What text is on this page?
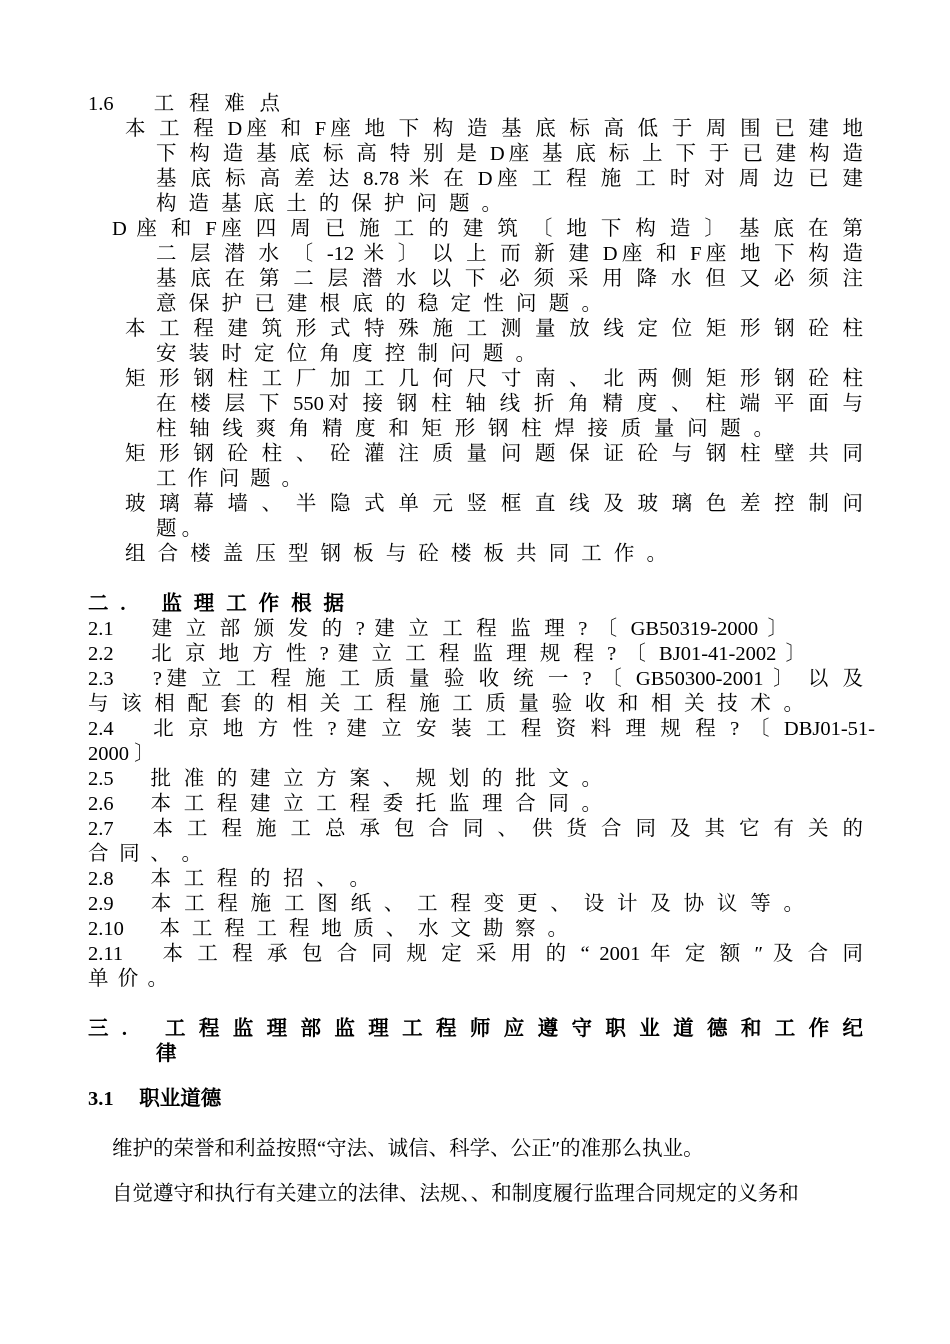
1.6　 工 程 难 点
本 工 程 D座 和 F座 地 下 构 造 基 底 标 高 低 于 周 围 已 建 地
下 构 造 基 底 标 高 特 别 是 D座 基 底 标 上 下 于 已 建 构 造
基 底 标 高 差 达 8.78 米 在 D座 工 程 施 工 时 对 周 边 已 建
构 造 基 底 土 的 保 护 问 题 。
D 座 和 F座 四 周 已 施 工 的 建 筑 〔 地 下 构 造 〕 基 底 在 第
二 层 潜 水 〔 -12 米 〕 以 上 而 新 建 D座 和 F座 地 下 构 造
基 底 在 第 二 层 潜 水 以 下 必 须 采 用 降 水 但 又 必 须 注
意 保 护 已 建 根 底 的 稳 定 性 问 题 。
本 工 程 建 筑 形 式 特 殊 施 工 测 量 放 线 定 位 矩 形 钢 砼 柱
安 装 时 定 位 角 度 控 制 问 题 。
矩 形 钢 柱 工 厂 加 工 几 何 尺 寸 南 、 北 两 侧 矩 形 钢 砼 柱
在 楼 层 下 550对 接 钢 柱 轴 线 折 角 精 度 、 柱 端 平 面 与
柱 轴 线 爽 角 精 度 和 矩 形 钢 柱 焊 接 质 量 问 题 。
矩 形 钢 砼 柱 、 砼 灌 注 质 量 问 题 保 证 砼 与 钢 柱 壁 共 同
工 作 问 题 。
玻 璃 幕 墙 、 半 隐 式 单 元 竖 框 直 线 及 玻 璃 色 差 控 制 问
题 。
组 合 楼 盖 压 型 钢 板 与 砼 楼 板 共 同 工 作 。
二 .　 监 理 工 作 根 据
2.1　 建 立 部 颁 发 的 ? 建 立 工 程 监 理 ? 〔 GB50319-2000 〕
2.2　 北 京 地 方 性 ? 建 立 工 程 监 理 规 程 ? 〔 BJ01-41-2002 〕
2.3　 ?建 立 工 程 施 工 质 量 验 收 统 一 ? 〔 GB50300-2001 〕 以 及
与 该 相 配 套 的 相 关 工 程 施 工 质 量 验 收 和 相 关 技 术 。
2.4　 北 京 地 方 性 ? 建 立 安 装 工 程 资 料 理 规 程 ? 〔 DBJ01-51-
2000 〕
2.5　 批 准 的 建 立 方 案 、 规 划 的 批 文 。
2.6　 本 工 程 建 立 工 程 委 托 监 理 合 同 。
2.7　 本 工 程 施 工 总 承 包 合 同 、 供 货 合 同 及 其 它 有 关 的
合 同 、 。
2.8　 本 工 程 的 招 、 。
2.9　 本 工 程 施 工 图 纸 、 工 程 变 更 、 设 计 及 协 议 等 。
2.10　 本 工 程 工 程 地 质 、 水 文 勘 察 。
2.11　 本 工 程 承 包 合 同 规 定 采 用 的 “ 2001 年 定 额 ″ 及 合 同
单 价 。
三 .　 工 程 监 理 部 监 理 工 程 师 应 遵 守 职 业 道 德 和 工 作 纪
律
3.1　 职业道德
维护的荣誉和利益按照“守法、诚信、科学、公正″的准那么执业。
自觉遵守和执行有关建立的法律、法规、、和制度履行监理合同规定的义务和
